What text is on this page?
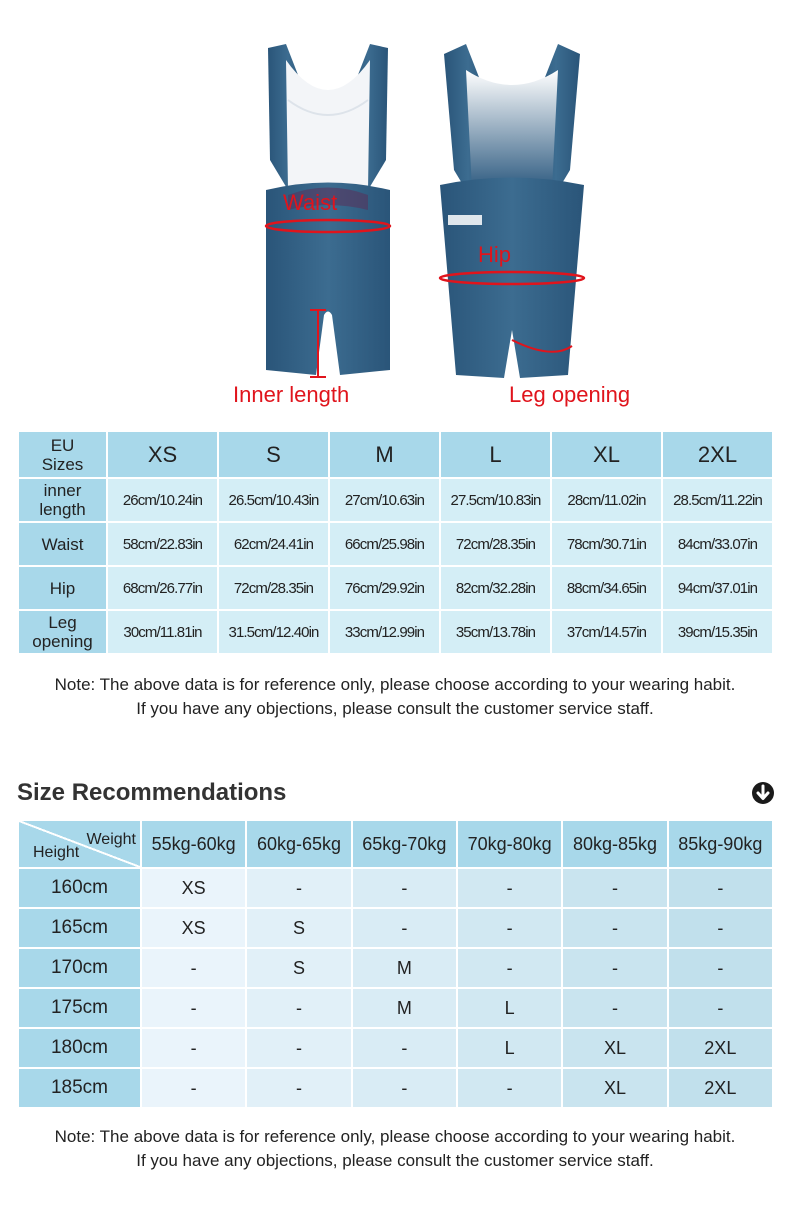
Waist
Hip
Inner length	Leg opening
EU
Sizes	XS	S	M	L	XL	2XL

inner
length	26cm/10.24in	26.5cm/10.43in	27cm/10.63in	27.5cm/10.83in	28cm/11.02in	28.5cm/11.22in

Waist	58cm/22.83in	62cm/24.41in	66cm/25.98in	72cm/28.35in	78cm/30.71in	84cm/33.07in

Hip	68cm/26.77in	72cm/28.35in	76cm/29.92in	82cm/32.28in	88cm/34.65in	94cm/37.01in

Leg
opening	30cm/11.81in	31.5cm/12.40in	33cm/12.99in	35cm/13.78in	37cm/14.57in	39cm/15.35in
Note: The above data is for reference only, please choose according to your wearing habit.
If you have any objections, please consult the customer service staff.
Size Recommendations
Weight
Height	55kg-60kg	60kg-65kg	65kg-70kg	70kg-80kg	80kg-85kg	85kg-90kg
160cm	XS	-	-	-	-	-
165cm	XS	S	-	-	-	-
170cm	-	S	M	-	-	-
175cm	-	-	M	L	-	-
180cm	-	-	-	L	XL	2XL
185cm	-	-	-	-	XL	2XL
Note: The above data is for reference only, please choose according to your wearing habit.
If you have any objections, please consult the customer service staff.
